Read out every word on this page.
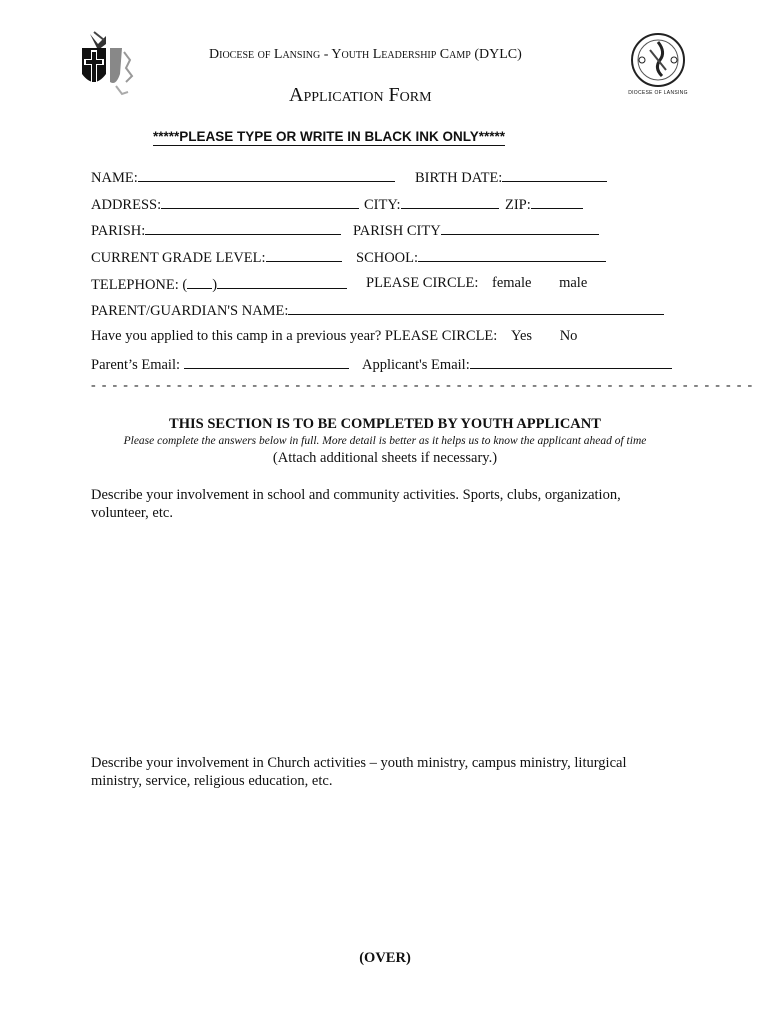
DIOCESE OF LANSING
Diocese of Lansing - Youth Leadership Camp (DYLC)
Application Form
*****PLEASE TYPE OR WRITE IN BLACK INK ONLY*****
NAME:	BIRTH DATE:
ADDRESS:	CITY:	ZIP:
PARISH:	PARISH CITY
CURRENT GRADE LEVEL:	SCHOOL:
TELEPHONE: ( )	PLEASE CIRCLE: female male
PARENT/GUARDIAN'S NAME:
Have you applied to this camp in a previous year? PLEASE CIRCLE: Yes No
Parent’s Email:	Applicant's Email:
- - - - - - - - - - - - - - - - - - - - - - - - - - - - - - - - - - - - - - - - - - - - - - - - - - - - - - - - - - - - - -
THIS SECTION IS TO BE COMPLETED BY YOUTH APPLICANT
Please complete the answers below in full. More detail is better as it helps us to know the applicant ahead of time
(Attach additional sheets if necessary.)
Describe your involvement in school and community activities. Sports, clubs, organization, volunteer, etc.
Describe your involvement in Church activities – youth ministry, campus ministry, liturgical ministry, service, religious education, etc.
(OVER)
